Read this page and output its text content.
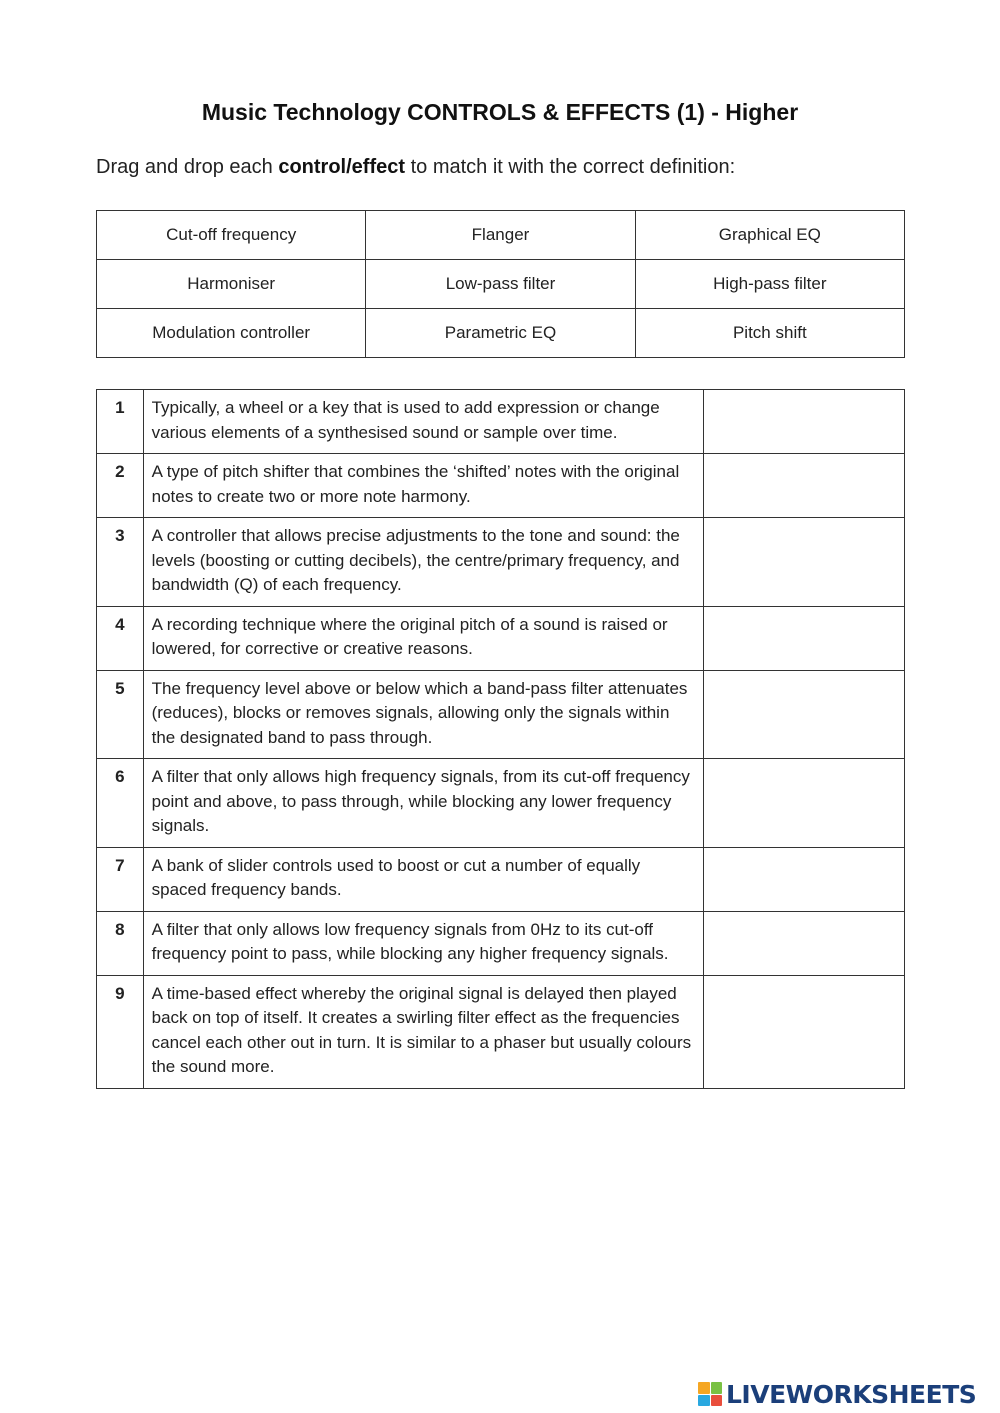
Music Technology CONTROLS & EFFECTS (1) - Higher
Drag and drop each control/effect to match it with the correct definition:
Cut-off frequency	Flanger	Graphical EQ
Harmoniser	Low-pass filter	High-pass filter
Modulation controller	Parametric EQ	Pitch shift
1	Typically, a wheel or a key that is used to add expression or change various elements of a synthesised sound or sample over time.	
2	A type of pitch shifter that combines the ‘shifted’ notes with the original notes to create two or more note harmony.	
3	A controller that allows precise adjustments to the tone and sound: the levels (boosting or cutting decibels), the centre/primary frequency, and bandwidth (Q) of each frequency.	
4	A recording technique where the original pitch of a sound is raised or lowered, for corrective or creative reasons.	
5	The frequency level above or below which a band-pass filter attenuates (reduces), blocks or removes signals, allowing only the signals within the designated band to pass through.	
6	A filter that only allows high frequency signals, from its cut-off frequency point and above, to pass through, while blocking any lower frequency signals.	
7	A bank of slider controls used to boost or cut a number of equally spaced frequency bands.	
8	A filter that only allows low frequency signals from 0Hz to its cut-off frequency point to pass, while blocking any higher frequency signals.	
9	A time-based effect whereby the original signal is delayed then played back on top of itself. It creates a swirling filter effect as the frequencies cancel each other out in turn. It is similar to a phaser but usually colours the sound more.	
LIVEWORKSHEETS
